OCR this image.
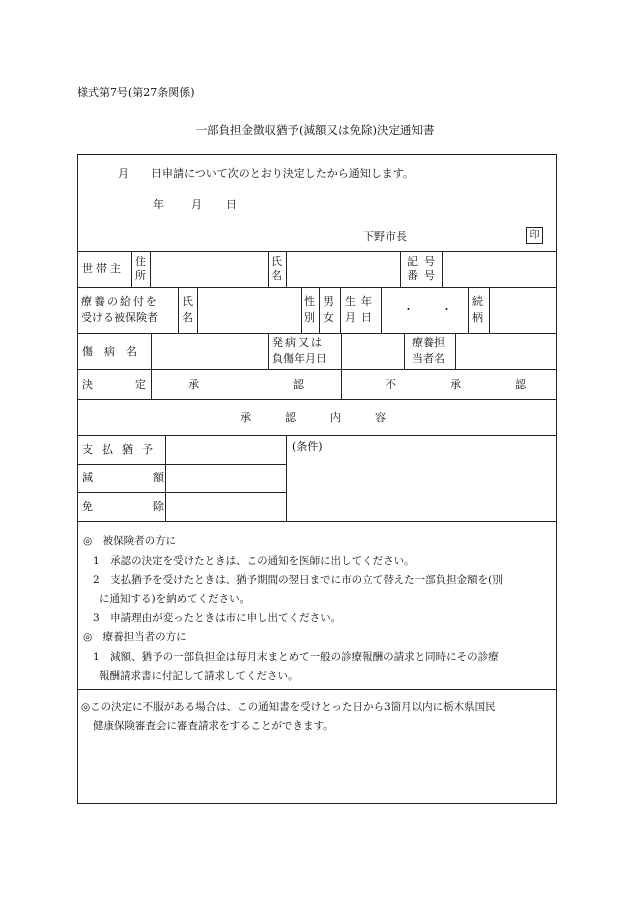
様式第7号(第27条関係)
一部負担金徴収猶予(減額又は免除)決定通知書
月 日申請について次のとおり決定したから通知します。
年 月 日
下野市長	印
世帯主
住
所
氏
名
記号
番号
療養の給付を
受ける被保険者
氏
名
性
別
男
女
生年
月日
・　・
続
柄
傷病名
発病又は
負傷年月日
療養担
当者名
決定 承認
不承認
承認内容
支払猶予
減額
免除
(条件)
◎　被保険者の方に
1　承認の決定を受けたときは、この通知を医師に出してください。
2　支払猶予を受けたときは、猶予期間の翌日までに市の立て替えた一部負担金額を(別
に通知する)を納めてください。
3　申請理由が変ったときは市に申し出てください。
◎　療養担当者の方に
1　減額、猶予の一部負担金は毎月末まとめて一般の診療報酬の請求と同時にその診療
報酬請求書に付記して請求してください。
◎この決定に不服がある場合は、この通知書を受けとった日から3箇月以内に栃木県国民
健康保険審査会に審査請求をすることができます。
